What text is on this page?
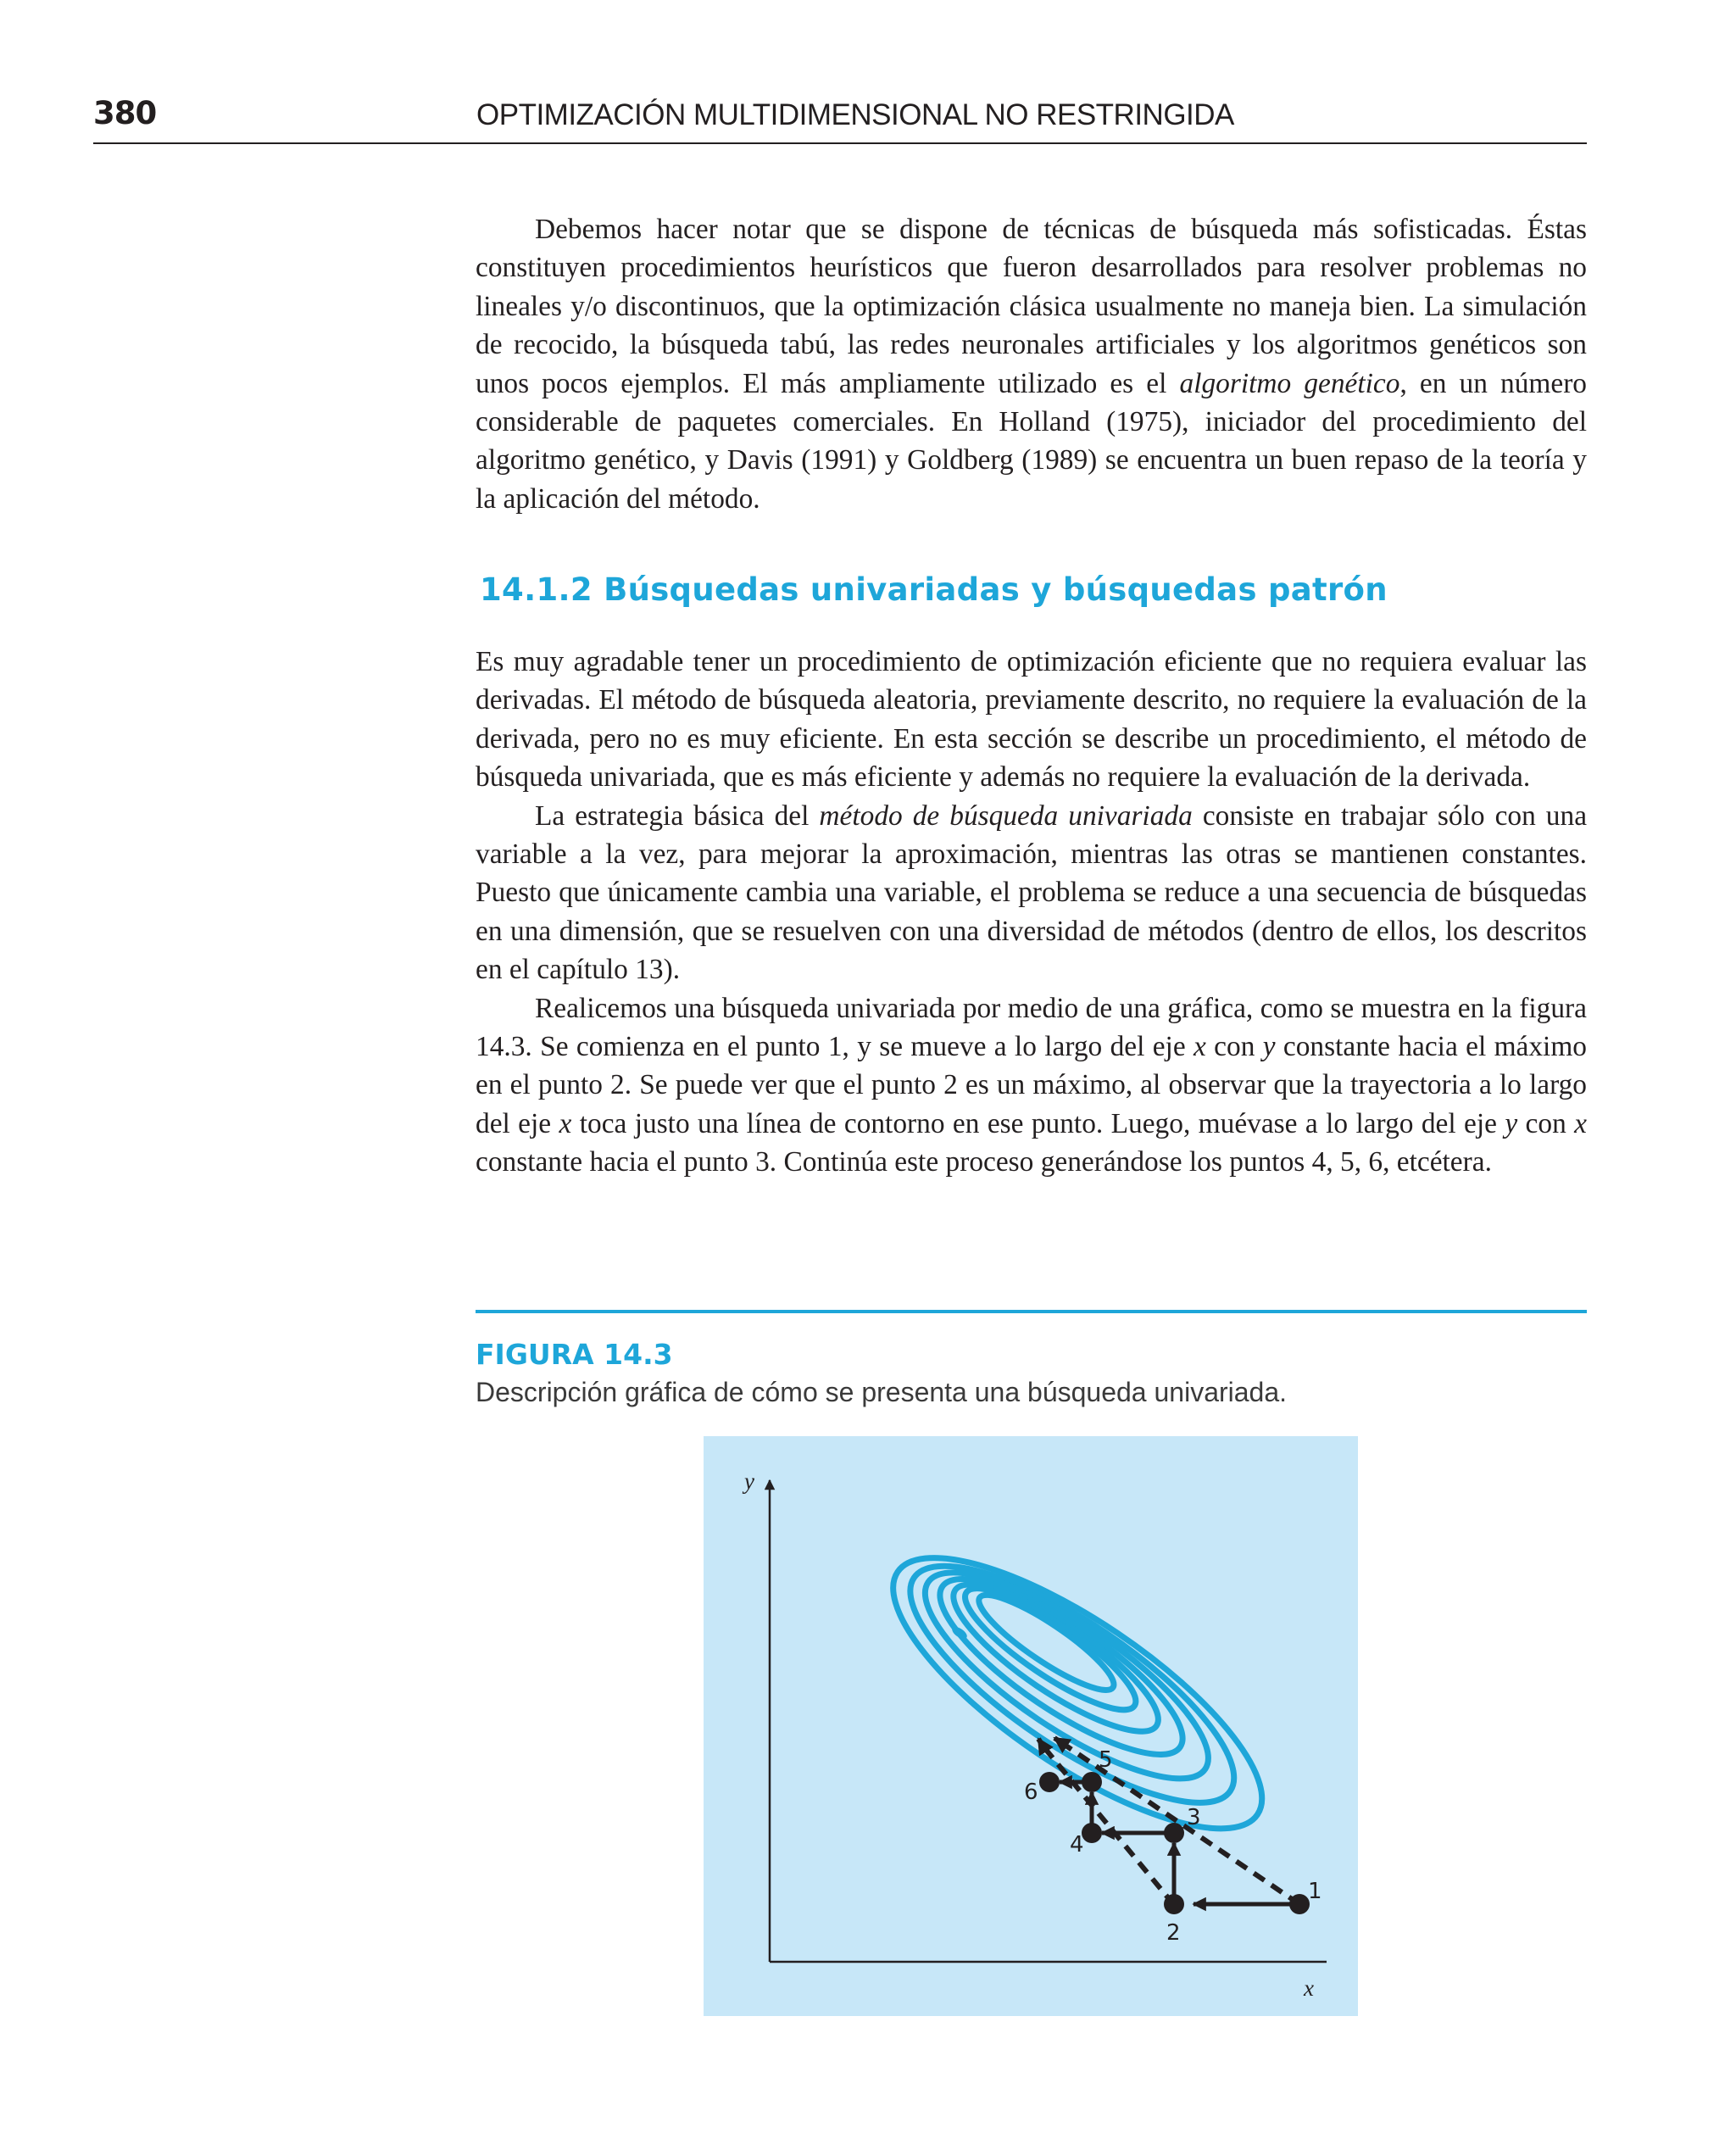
380	OPTIMIZACIÓN MULTIDIMENSIONAL NO RESTRINGIDA

Debemos hacer notar que se dispone de técnicas de búsqueda más sofisticadas. Éstas constituyen procedimientos heurísticos que fueron desarrollados para resolver problemas no lineales y/o discontinuos, que la optimización clásica usualmente no maneja bien. La simulación de recocido, la búsqueda tabú, las redes neuronales artificiales y los algoritmos genéticos son unos pocos ejemplos. El más ampliamente utilizado es el algoritmo genético, en un número considerable de paquetes comerciales. En Holland (1975), iniciador del procedimiento del algoritmo genético, y Davis (1991) y Goldberg (1989) se encuentra un buen repaso de la teoría y la aplicación del método.

14.1.2 Búsquedas univariadas y búsquedas patrón

Es muy agradable tener un procedimiento de optimización eficiente que no requiera evaluar las derivadas. El método de búsqueda aleatoria, previamente descrito, no requiere la evaluación de la derivada, pero no es muy eficiente. En esta sección se describe un procedimiento, el método de búsqueda univariada, que es más eficiente y además no requiere la evaluación de la derivada.

La estrategia básica del método de búsqueda univariada consiste en trabajar sólo con una variable a la vez, para mejorar la aproximación, mientras las otras se mantienen constantes. Puesto que únicamente cambia una variable, el problema se reduce a una secuencia de búsquedas en una dimensión, que se resuelven con una diversidad de métodos (dentro de ellos, los descritos en el capítulo 13).

Realicemos una búsqueda univariada por medio de una gráfica, como se muestra en la figura 14.3. Se comienza en el punto 1, y se mueve a lo largo del eje x con y constante hacia el máximo en el punto 2. Se puede ver que el punto 2 es un máximo, al observar que la trayectoria a lo largo del eje x toca justo una línea de contorno en ese punto. Luego, muévase a lo largo del eje y con x constante hacia el punto 3. Continúa este proceso generándose los puntos 4, 5, 6, etcétera.

FIGURA 14.3
Descripción gráfica de cómo se presenta una búsqueda univariada.
y
x
1
2
3
4
5
6
